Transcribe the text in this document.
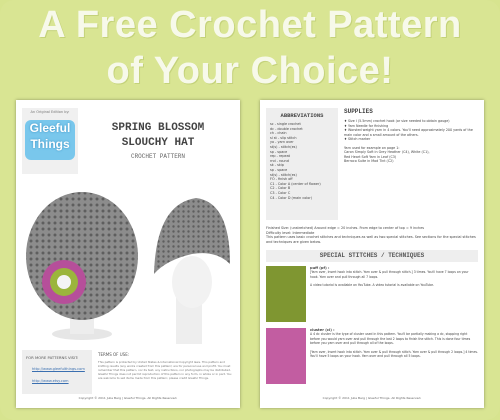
A Free Crochet Pattern
of Your Choice!
An Original Edition by:
Gleeful
Things
SPRING BLOSSOM
SLOUCHY HAT
CROCHET PATTERN
FOR MORE PATTERNS VISIT:
http://www.gleefulthings.com
http://www.etsy.com
TERMS OF USE:
This pattern is protected by United States & International Copyright laws. This pattern and knitting results (any works created from this pattern) are for personal use and profit. You must remember that this pattern, nor its text, any instructions, nor photographs may be distributed. Gleeful Things does not permit reproduction of this pattern in any form, in whole or in part. You are welcome to sell items made from this pattern; please credit Gleeful Things.
Copyright © 2011 Julie Berg | Gleeful Things. All Rights Reserved.
ABBREVIATIONS
sc - single crochet
dc - double crochet
ch - chain
sl st - slip stitch
yo - yarn over
st(s) - stitch(es)
sp - space
rep - repeat
rnd - round
sk - skip
sp - space
st(s) - stitch(es)
FO - finish off
C1 - Color A (center of flower)
C2 - Color B
C3 - Color C
C4 - Color D (main color)
SUPPLIES
♦ Size I (5.5mm) crochet hook (or size needed to obtain gauge)
♦ Yarn Needle for finishing
♦ Worsted weight yarn in 4 colors. You'll need approximately 200 yards of the main color and a small amount of the others.
♦ Stitch marker
Yarn used for example on page 1:
Caron Simply Soft in Grey Heather (C4), White (C1),
Red Heart Soft Yarn in Leaf (C3)
Berroco Suite in Mod Tint (C2)
Finished Size: (unstretched) Around edge = 20 inches. From edge to center of top = 9 inches
Difficulty level: Intermediate
This pattern uses basic crochet stitches and techniques as well as two special stitches. See sections for the special stitches and techniques are given below.
SPECIAL STITCHES / TECHNIQUES
puff (pf) :
[Yarn over, Insert hook into stitch. Yarn over & pull through stitch.] 3 times. You'll have 7 loops on your hook. Yarn over and pull through all 7 loops.
A video tutorial is available on YouTube. A video tutorial is available on YouTube.
cluster (cl) :
A 4 dc cluster is the type of cluster used in this pattern. You'll be partially making a dc, stopping right before you would yarn over and pull through the last 2 loops to finish the stitch. This is done four times before you yarn over and pull through all of the loops.
[Yarn over, Insert hook into stitch. Yarn over & pull through stitch. Yarn over & pull through 2 loops.] 4 times. You'll have 5 loops on your hook. Yarn over and pull through all 5 loops.
Copyright © 2011 Julie Berg | Gleeful Things. All Rights Reserved.
